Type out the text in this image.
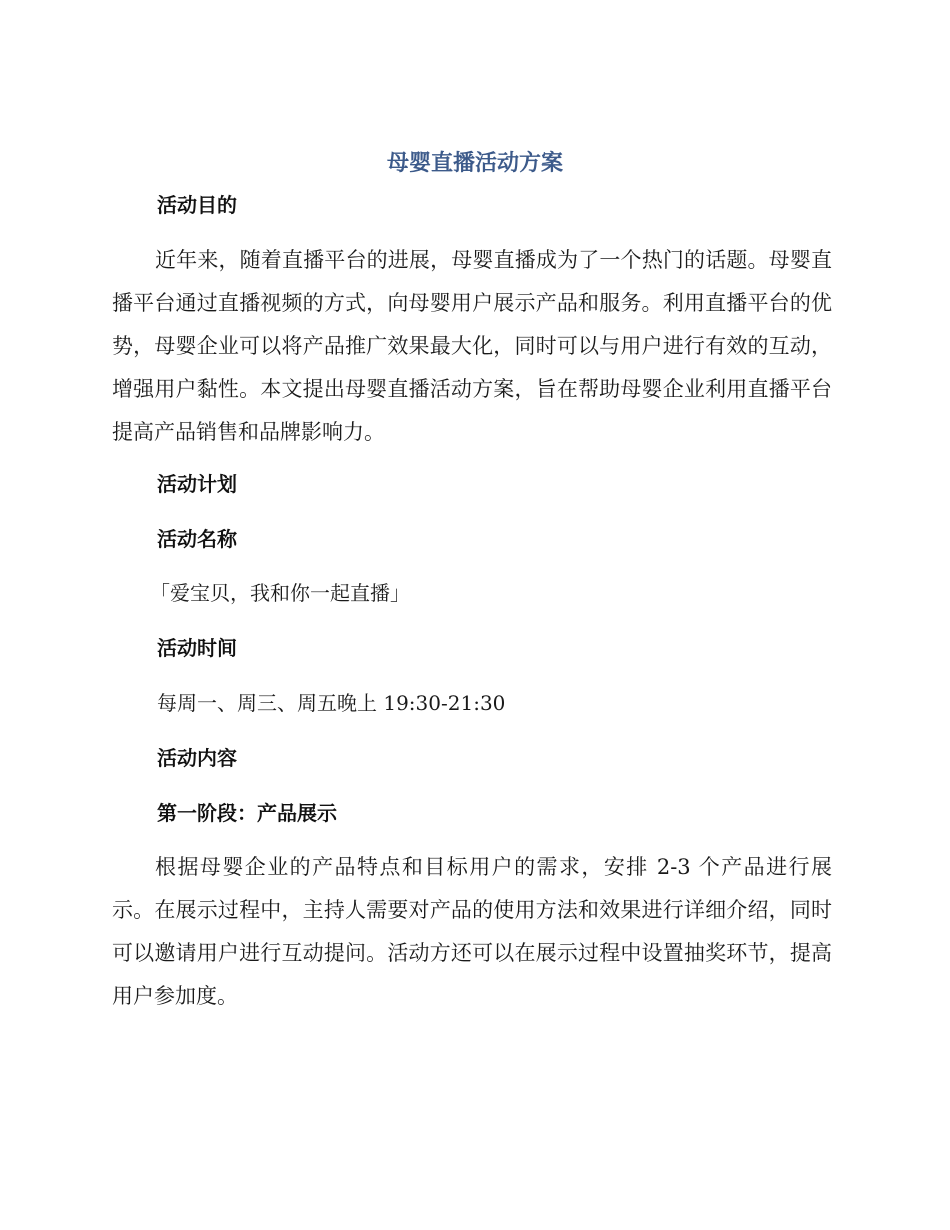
母婴直播活动方案
活动目的
近年来，随着直播平台的进展，母婴直播成为了一个热门的话题。母婴直播平台通过直播视频的方式，向母婴用户展示产品和服务。利用直播平台的优势，母婴企业可以将产品推广效果最大化，同时可以与用户进行有效的互动，增强用户黏性。本文提出母婴直播活动方案，旨在帮助母婴企业利用直播平台提高产品销售和品牌影响力。
活动计划
活动名称
「爱宝贝，我和你一起直播」
活动时间
每周一、周三、周五晚上 19:30-21:30
活动内容
第一阶段：产品展示
根据母婴企业的产品特点和目标用户的需求，安排 2-3 个产品进行展示。在展示过程中，主持人需要对产品的使用方法和效果进行详细介绍，同时可以邀请用户进行互动提问。活动方还可以在展示过程中设置抽奖环节，提高用户参加度。
